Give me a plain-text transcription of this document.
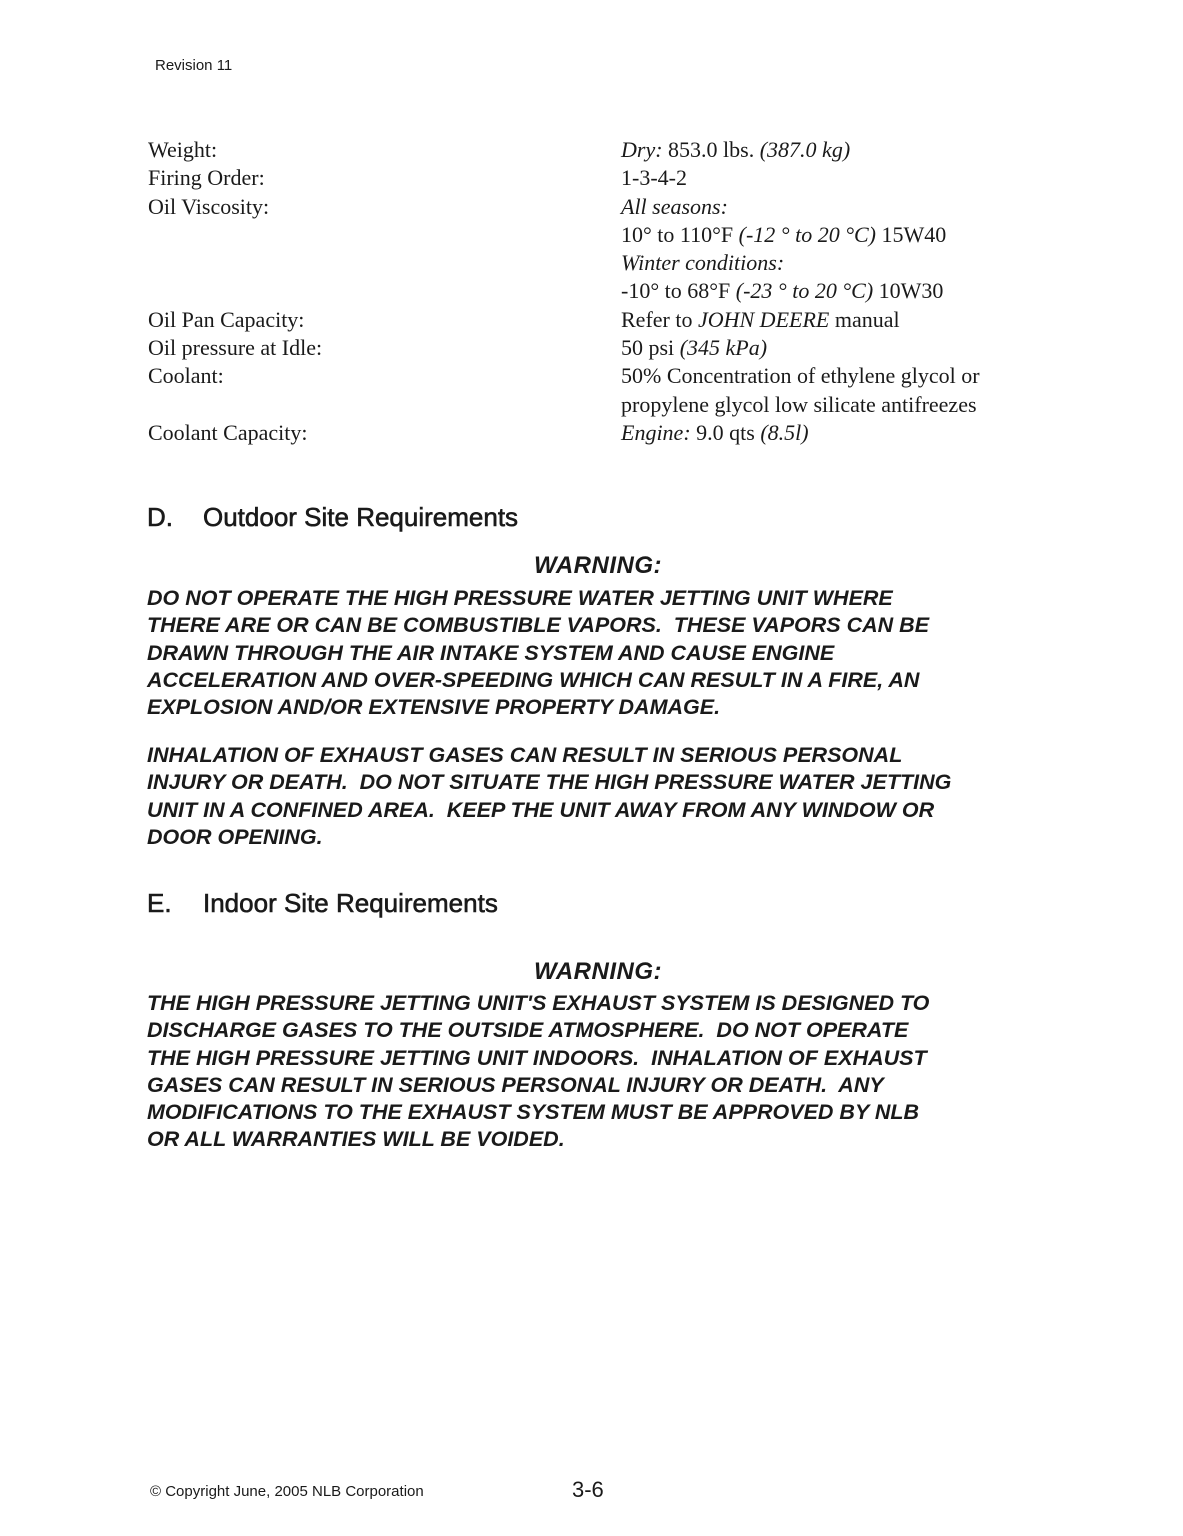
Revision 11
Weight:	Dry: 853.0 lbs. (387.0 kg)
Firing Order:	1-3-4-2
Oil Viscosity:	All seasons:
10° to 110°F (-12 ° to 20 °C) 15W40
Winter conditions:
-10° to 68°F (-23 ° to 20 °C) 10W30
Oil Pan Capacity:	Refer to JOHN DEERE manual
Oil pressure at Idle:	50 psi (345 kPa)
Coolant:	50% Concentration of ethylene glycol or
propylene glycol low silicate antifreezes
Coolant Capacity:	Engine: 9.0 qts (8.5l)
D. Outdoor Site Requirements
WARNING:
DO NOT OPERATE THE HIGH PRESSURE WATER JETTING UNIT WHERE
THERE ARE OR CAN BE COMBUSTIBLE VAPORS.  THESE VAPORS CAN BE
DRAWN THROUGH THE AIR INTAKE SYSTEM AND CAUSE ENGINE
ACCELERATION AND OVER-SPEEDING WHICH CAN RESULT IN A FIRE, AN
EXPLOSION AND/OR EXTENSIVE PROPERTY DAMAGE.
INHALATION OF EXHAUST GASES CAN RESULT IN SERIOUS PERSONAL
INJURY OR DEATH.  DO NOT SITUATE THE HIGH PRESSURE WATER JETTING
UNIT IN A CONFINED AREA.  KEEP THE UNIT AWAY FROM ANY WINDOW OR
DOOR OPENING.
E. Indoor Site Requirements
WARNING:
THE HIGH PRESSURE JETTING UNIT'S EXHAUST SYSTEM IS DESIGNED TO
DISCHARGE GASES TO THE OUTSIDE ATMOSPHERE.  DO NOT OPERATE
THE HIGH PRESSURE JETTING UNIT INDOORS.  INHALATION OF EXHAUST
GASES CAN RESULT IN SERIOUS PERSONAL INJURY OR DEATH.  ANY
MODIFICATIONS TO THE EXHAUST SYSTEM MUST BE APPROVED BY NLB
OR ALL WARRANTIES WILL BE VOIDED.
© Copyright June, 2005 NLB Corporation	3-6
